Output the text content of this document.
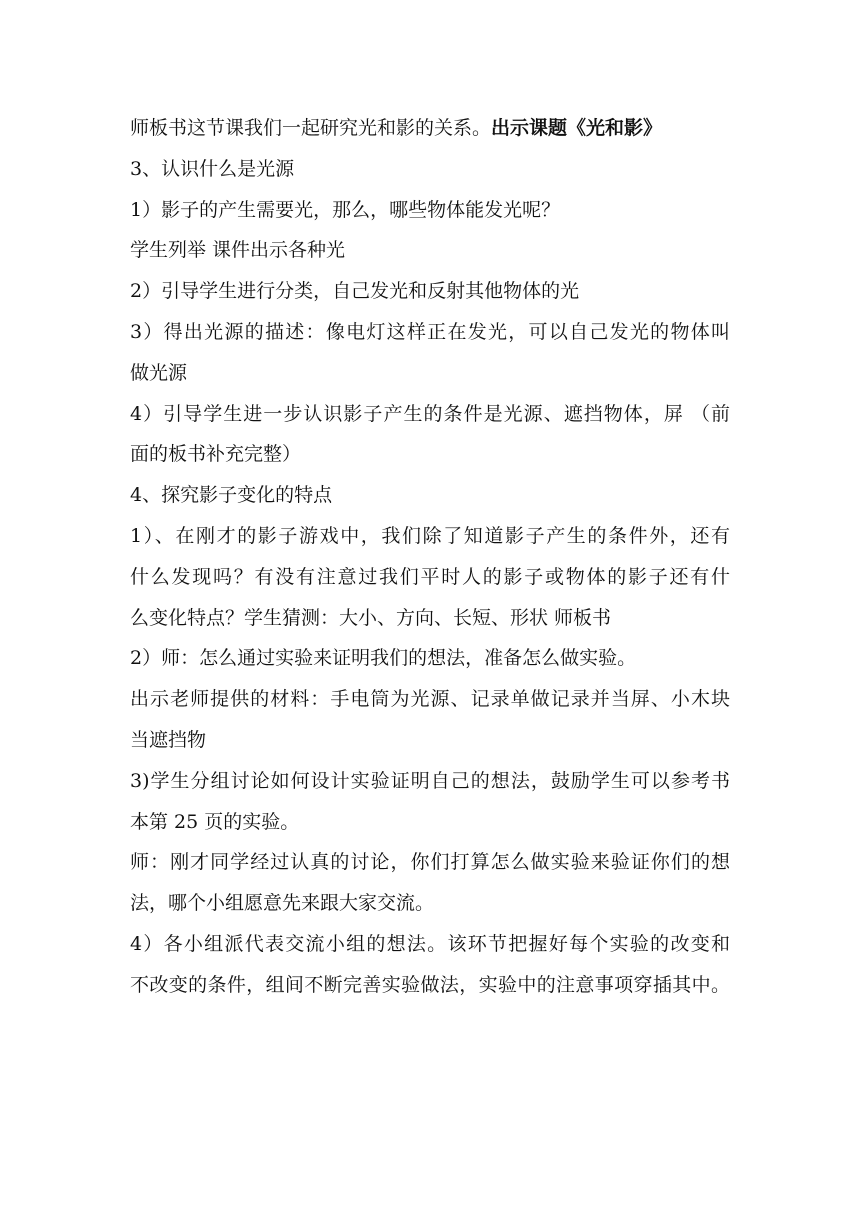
师板书这节课我们一起研究光和影的关系。出示课题《光和影》
3、认识什么是光源
1）影子的产生需要光，那么，哪些物体能发光呢？
学生列举 课件出示各种光
2）引导学生进行分类，自己发光和反射其他物体的光
3）得出光源的描述：像电灯这样正在发光，可以自己发光的物体叫
做光源
4）引导学生进一步认识影子产生的条件是光源、遮挡物体，屏 （前
面的板书补充完整）
4、探究影子变化的特点
1）、在刚才的影子游戏中，我们除了知道影子产生的条件外，还有
什么发现吗？有没有注意过我们平时人的影子或物体的影子还有什
么变化特点？学生猜测：大小、方向、长短、形状 师板书
2）师：怎么通过实验来证明我们的想法，准备怎么做实验。
出示老师提供的材料：手电筒为光源、记录单做记录并当屏、小木块
当遮挡物
3)学生分组讨论如何设计实验证明自己的想法，鼓励学生可以参考书
本第 25 页的实验。
师：刚才同学经过认真的讨论，你们打算怎么做实验来验证你们的想
法，哪个小组愿意先来跟大家交流。
4）各小组派代表交流小组的想法。该环节把握好每个实验的改变和
不改变的条件，组间不断完善实验做法，实验中的注意事项穿插其中。
